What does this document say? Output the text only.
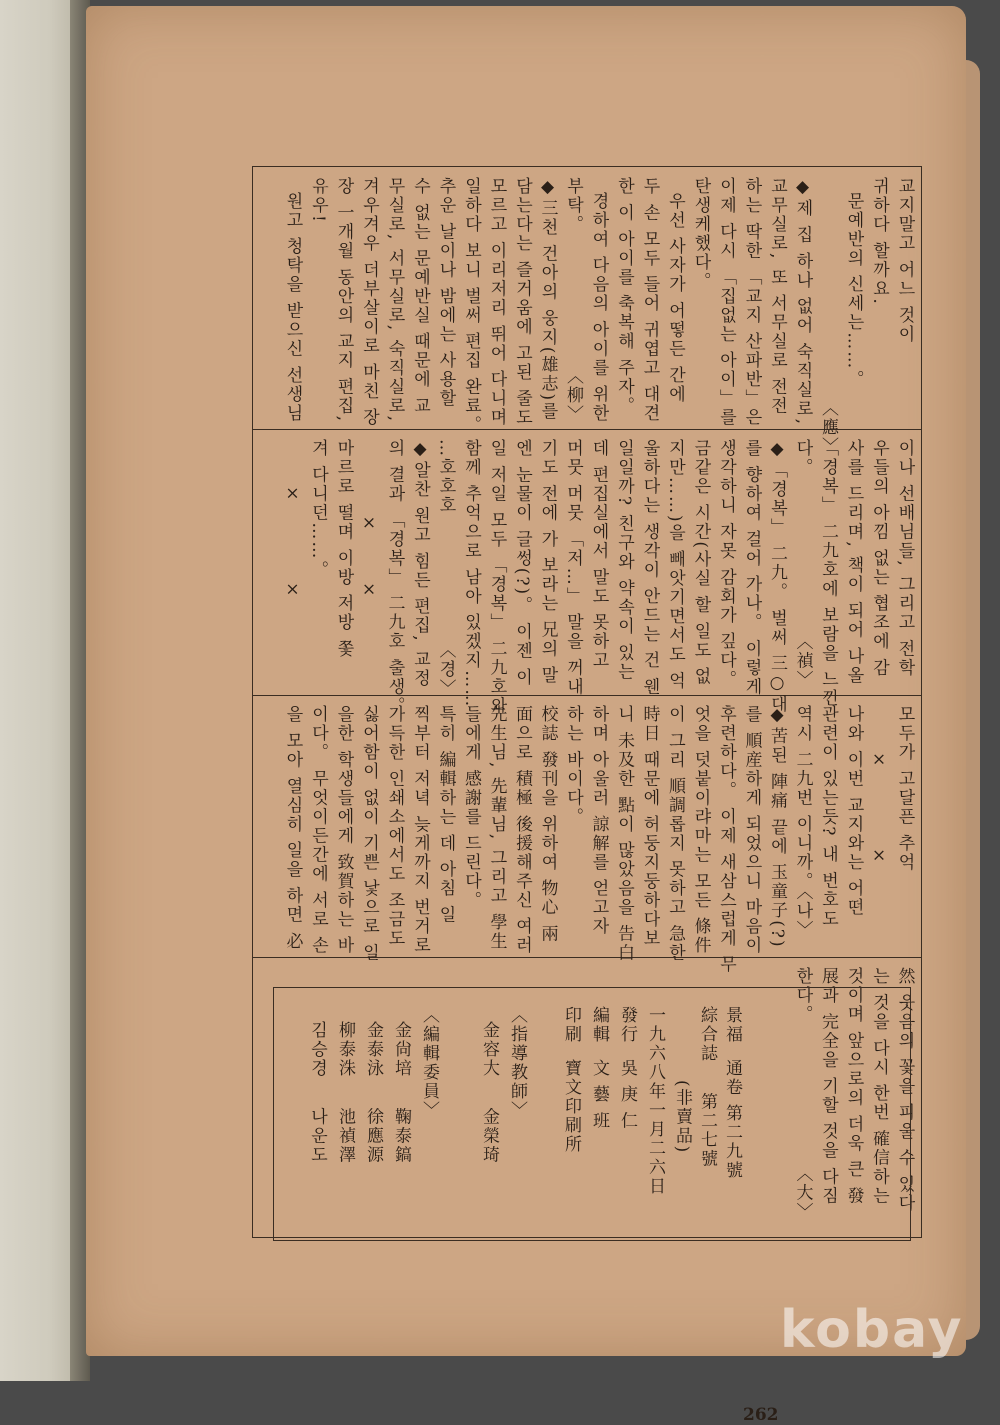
교지말고 어느 것이
귀하다 할까요.
문예반의 신세는……。
〈應〉
◆제 집 하나 없어 숙직실로,
교무실로, 또 서무실로 전전
하는 딱한 「교지 산파반」은
이제 다시 「집없는 아이」를
탄생케했다。
우선 사자가 어떻든 간에
두 손 모두 들어 귀엽고 대견
한 이 아이를 축복해 주자。
경하여 다음의 아이를 위한
부탁。                  〈柳〉
◆三천 건아의 웅지(雄志)를
담는다는 즐거움에 고된 줄도
모르고 이리저리 뛰어 다니며
일하다 보니 벌써 편집 완료。
추운 날이나 밤에는 사용할
수 없는 문예반실 때문에 교
무실로, 서무실로, 숙직실로,
겨우겨우 더부살이로 마친 장
장 一개월 동안의 교지 편집,
유우!
원고 청탁을 받으신 선생님
이나 선배님들, 그리고 전학
우들의 아낌 없는 협조에 감
사를 드리며, 책이 되어 나올
「경복」 二九호에 보람을 느낀
다。                     〈禎〉
◆「경복」 二九。 벌써 三○대
를 향하여 걸어 가나。 이렇게
생각하니 자못 감회가 깊다。
금같은 시간(사실 할 일도 없
지만……)을 빼앗기면서도 억
울하다는 생각이 안드는 건 웬
일일까? 친구와 약속이 있는
데 편집실에서 말도 못하고
머뭇 머뭇 「저…」 말을 꺼내
기도 전에 가 보라는 兄의 말
엔 눈물이 글썽(?)。 이젠 이
일 저일 모두 「경복」 二九호와
함께 추억으로 남아 있겠지……
…호호호                 〈경〉
◆알찬 원고 힘든 편집, 교정
의 결과 「경복」 二九호 출생。
×      ×
마르로 떨며 이방 저방 쫓
겨 다니던……。
×          ×
모두가 고달픈 추억
×          ×
나와 이번 교지와는 어떤
관련이 있는듯? 내 번호도
역시 二九번 이니까。〈나〉
◆苦된 陣痛 끝에 玉童子(?)
를 順産하게 되었으니 마음이
후련하다。 이제 새삼스럽게 무
엇을 덧붙이랴마는 모든 條件
이 그리 順調롭지 못하고 急한
時日 때문에 허둥지둥하다보
니 未及한 點이 많았음을 告白
하며 아울러 諒解를 얻고자
하는 바이다。
校誌 發刊을 위하여 物心 兩
面으로 積極 後援해주신 여러
先生님, 先輩님, 그리고 學生
들에게 感謝를 드린다。
특히 編輯하는 데 아침 일
찍부터 저녁 늦게까지 번거로
가득한 인쇄소에서도 조금도
싫어함이 없이 기쁜 낯으로 일
을한 학생들에게 致賀하는 바
이다。 무엇이든간에 서로 손
을 모아 열심히 일을 하면 必
然 웃음의 꽃을 피울 수 있다
는 것을 다시 한번 確信하는
것이며 앞으로의 더욱 큰 發
展과 完全을 기할 것을 다짐
한다。                   〈大〉
景福  通卷 第二九號
綜合誌    第二七號
(非賣品)
一九六八年一月二六日
發行  吳 庚 仁
編輯  文 藝 班
印刷  寶文印刷所
〈指導教師〉
金容大    金榮琦
〈編輯委員〉
金尙培    鞠泰鎬
金泰泳    徐應源
柳泰洙    池禎澤
김승경    나운도
262
kobay
